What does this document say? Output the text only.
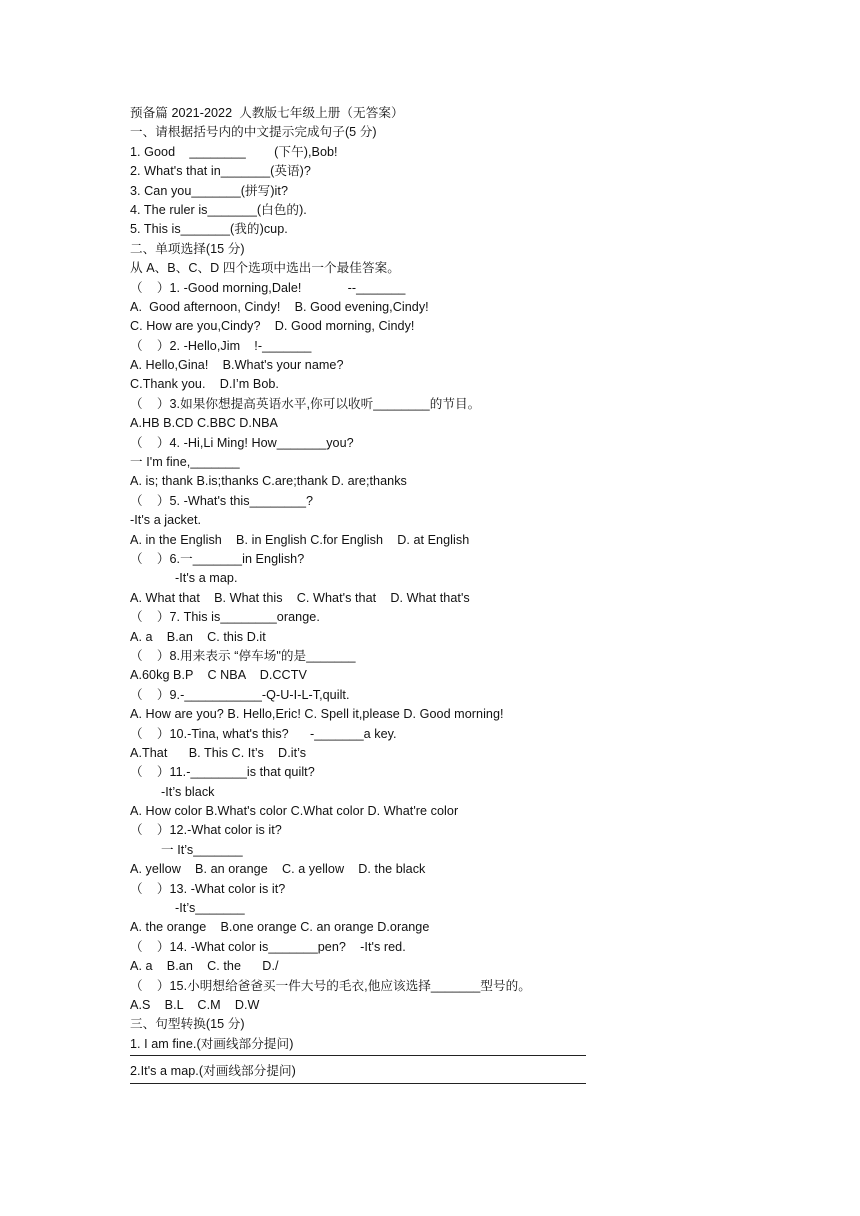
预备篇 2021-2022  人教版七年级上册（无答案）
一、请根据括号内的中文提示完成句子(5 分)
1. Good    ________        (下午),Bob!
2. What's that in_______(英语)?
3. Can you_______(拼写)it?
4. The ruler is_______(白色的).
5. This is_______(我的)cup.
二、单项选择(15 分)
从 A、B、C、D 四个选项中选出一个最佳答案。
（    ）1. -Good morning,Dale!             --_______
A.  Good afternoon, Cindy!    B. Good evening,Cindy!
C. How are you,Cindy?    D. Good morning, Cindy!
（    ）2. -Hello,Jim    !-_______
A. Hello,Gina!    B.What's your name?
C.Thank you.    D.I’m Bob.
（    ）3.如果你想提高英语水平,你可以收听________的节目。
A.HB B.CD C.BBC D.NBA
（    ）4. -Hi,Li Ming! How_______you?
一 I'm fine,_______
A. is; thank B.is;thanks C.are;thank D. are;thanks
（    ）5. -What's this________?
-It's a jacket.
A. in the English    B. in English C.for English    D. at English
（    ）6.一_______in English?
-It's a map.
A. What that    B. What this    C. What's that    D. What that's
（    ）7. This is________orange.
A. a    B.an    C. this D.it
（    ）8.用来表示 “停车场"的是_______
A.60kg B.P    C NBA    D.CCTV
（    ）9.-___________-Q-U-I-L-T,quilt.
A. How are you? B. Hello,Eric! C. Spell it,please D. Good morning!
（    ）10.-Tina, what's this?      -_______a key.
A.That      B. This C. It’s    D.it’s
（    ）11.-________is that quilt?
-It’s black
A. How color B.What's color C.What color D. What're color
（    ）12.-What color is it?
一 It’s_______
A. yellow    B. an orange    C. a yellow    D. the black
（    ）13. -What color is it?
-It’s_______
A. the orange    B.one orange C. an orange D.orange
（    ）14. -What color is_______pen?    -It's red.
A. a    B.an    C. the      D./
（    ）15.小明想给爸爸买一件大号的毛衣,他应该选择_______型号的。
A.S    B.L    C.M    D.W
三、句型转换(15 分)
1. I am fine.(对画线部分提问)
2.It's a map.(对画线部分提问)
